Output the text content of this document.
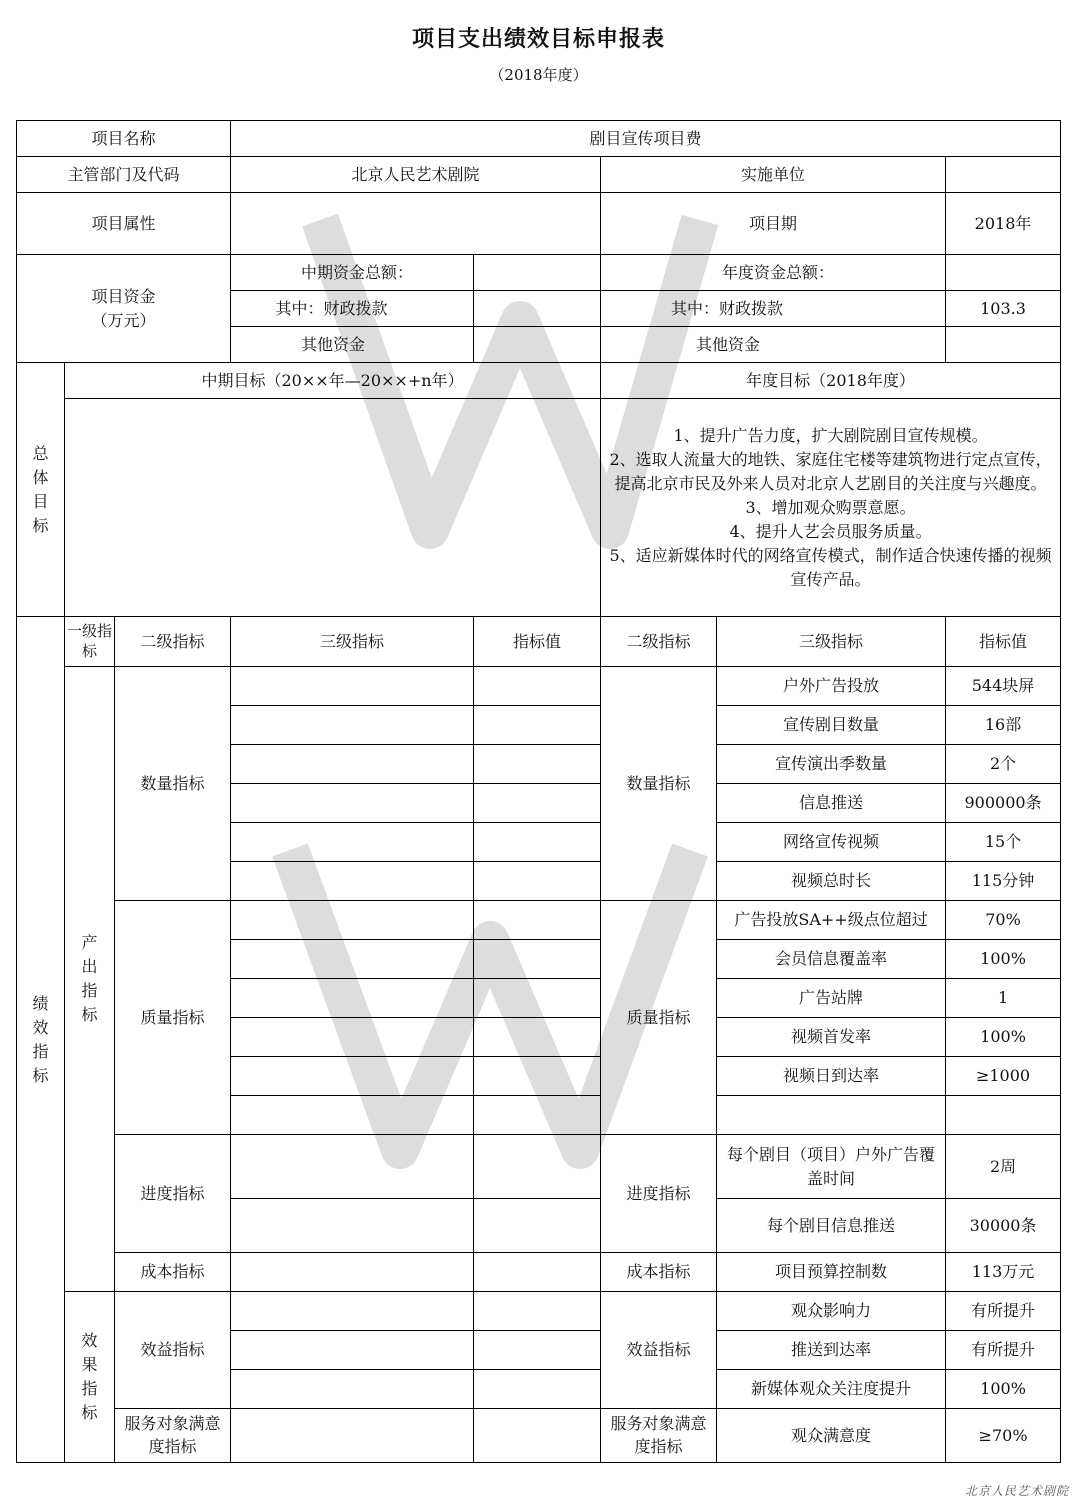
项目支出绩效目标申报表
（2018年度）
项目名称			剧目宣传项目费				
主管部门及代码			北京人民艺术剧院		实施单位		
项目属性					项目期		2018年

项目资金
（万元）			中期资金总额：		年度资金总额：		
			其中：财政拨款		其中：财政拨款		103.3
			其他资金		其他资金		

总
体
目
标	中期目标（20××年—20××+n年）				年度目标（2018年度）		

					1、提升广告力度，扩大剧院剧目宣传规模。
2、选取人流量大的地铁、家庭住宅楼等建筑物进行定点宣传，提高北京市民及外来人员对北京人艺剧目的关注度与兴趣度。
3、增加观众购票意愿。
4、提升人艺会员服务质量。
5、适应新媒体时代的网络宣传模式，制作适合快速传播的视频宣传产品。		

绩
效
指
标	一级指标	二级指标	三级指标	指标值	二级指标	三级指标	指标值

	产
出
指
标	数量指标			数量指标	户外广告投放	544块屏
						宣传剧目数量	16部
						宣传演出季数量	2个
						信息推送	900000条
						网络宣传视频	15个
						视频总时长	115分钟
		质量指标			质量指标	广告投放SA++级点位超过	70%
						会员信息覆盖率	100%
						广告站牌	1
						视频首发率	100%
						视频日到达率	≥1000

		进度指标			进度指标	每个剧目（项目）户外广告覆盖时间	2周
						每个剧目信息推送	30000条
		成本指标			成本指标	项目预算控制数	113万元

	效
果
指
标	效益指标			效益指标	观众影响力	有所提升
						推送到达率	有所提升
						新媒体观众关注度提升	100%
		服务对象满意度指标			服务对象满意度指标	观众满意度	≥70%
北京人民艺术剧院
